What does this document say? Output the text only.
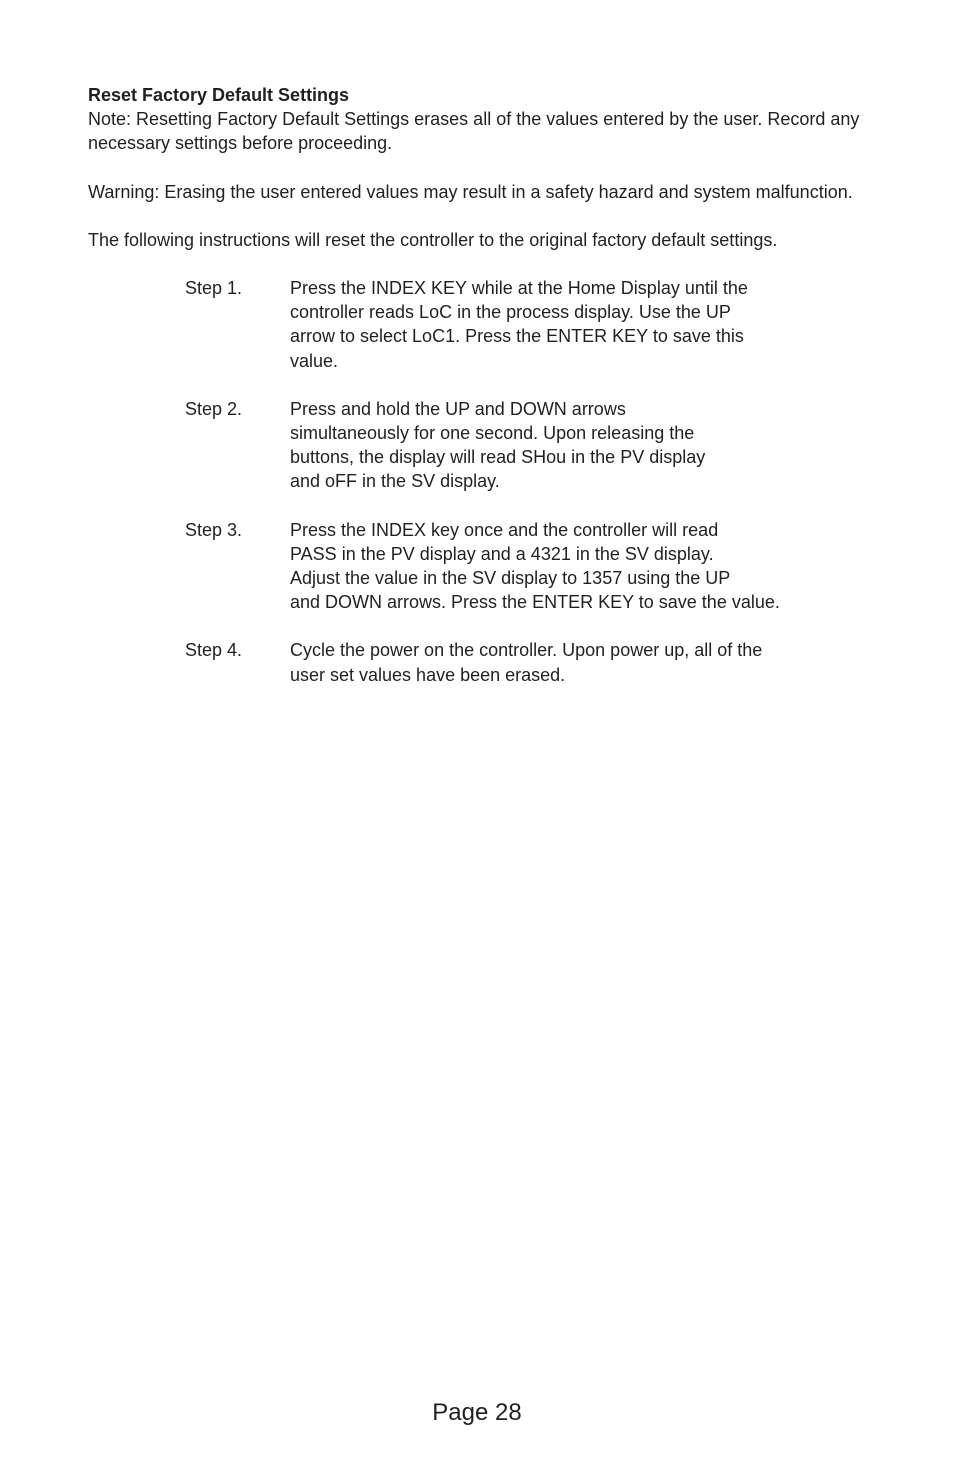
Reset Factory Default Settings

Note: Resetting Factory Default Settings erases all of the values entered by the user. Record any necessary settings before proceeding.

Warning: Erasing the user entered values may result in a safety hazard and system malfunction.

The following instructions will reset the controller to the original factory default settings.

Step 1.	Press the INDEX KEY while at the Home Display until the
controller reads LoC in the process display. Use the UP
arrow to select LoC1. Press the ENTER KEY to save this
value.
Step 2.	Press and hold the UP and DOWN arrows
simultaneously for one second. Upon releasing the
buttons, the display will read SHou in the PV display
and oFF in the SV display.
Step 3.	Press the INDEX key once and the controller will read
PASS in the PV display and a 4321 in the SV display.
Adjust the value in the SV display to 1357 using the UP
and DOWN arrows. Press the ENTER KEY to save the value.
Step 4.	Cycle the power on the controller. Upon power up, all of the
user set values have been erased.
Page 28
